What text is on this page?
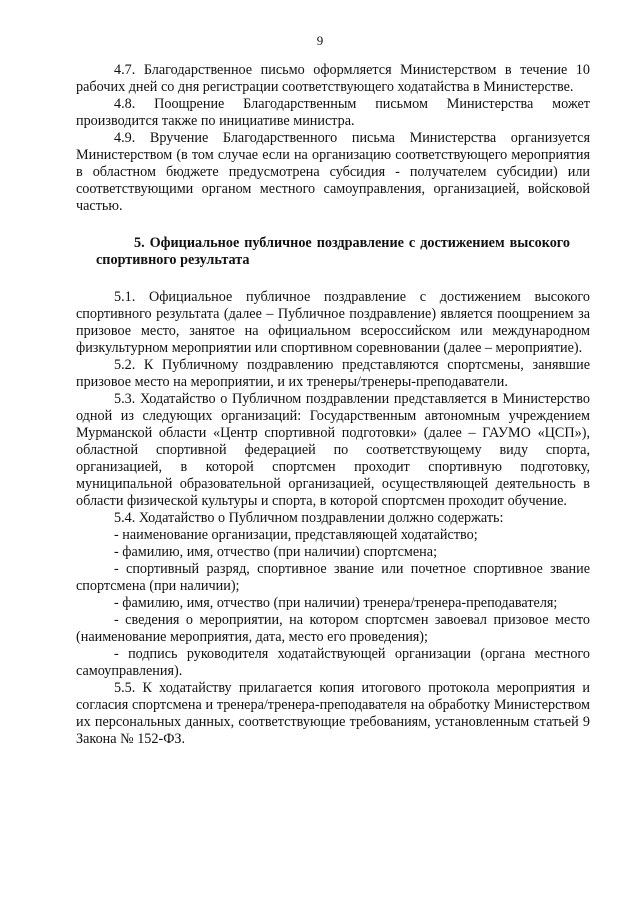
9

4.7. Благодарственное письмо оформляется Министерством в течение 10 рабочих дней со дня регистрации соответствующего ходатайства в Министерстве.

4.8. Поощрение Благодарственным письмом Министерства может производится также по инициативе министра.

4.9. Вручение Благодарственного письма Министерства организуется Министерством (в том случае если на организацию соответствующего мероприятия в областном бюджете предусмотрена субсидия - получателем субсидии) или соответствующими органом местного самоуправления, организацией, войсковой частью.

5. Официальное публичное поздравление с достижением высокого спортивного результата

5.1. Официальное публичное поздравление с достижением высокого спортивного результата (далее – Публичное поздравление) является поощрением за призовое место, занятое на официальном всероссийском или международном физкультурном мероприятии или спортивном соревновании (далее – мероприятие).

5.2. К Публичному поздравлению представляются спортсмены, занявшие призовое место на мероприятии, и их тренеры/тренеры-преподаватели.

5.3. Ходатайство о Публичном поздравлении представляется в Министерство одной из следующих организаций: Государственным автономным учреждением Мурманской области «Центр спортивной подготовки» (далее – ГАУМО «ЦСП»), областной спортивной федерацией по соответствующему виду спорта, организацией, в которой спортсмен проходит спортивную подготовку, муниципальной образовательной организацией, осуществляющей деятельность в области физической культуры и спорта, в которой спортсмен проходит обучение.

5.4. Ходатайство о Публичном поздравлении должно содержать:

- наименование организации, представляющей ходатайство;

- фамилию, имя, отчество (при наличии) спортсмена;

- спортивный разряд, спортивное звание или почетное спортивное звание спортсмена (при наличии);

- фамилию, имя, отчество (при наличии) тренера/тренера-преподавателя;

- сведения о мероприятии, на котором спортсмен завоевал призовое место (наименование мероприятия, дата, место его проведения);

- подпись руководителя ходатайствующей организации (органа местного самоуправления).

5.5. К ходатайству прилагается копия итогового протокола мероприятия и согласия спортсмена и тренера/тренера-преподавателя на обработку Министерством их персональных данных, соответствующие требованиям, установленным статьей 9 Закона № 152-ФЗ.
